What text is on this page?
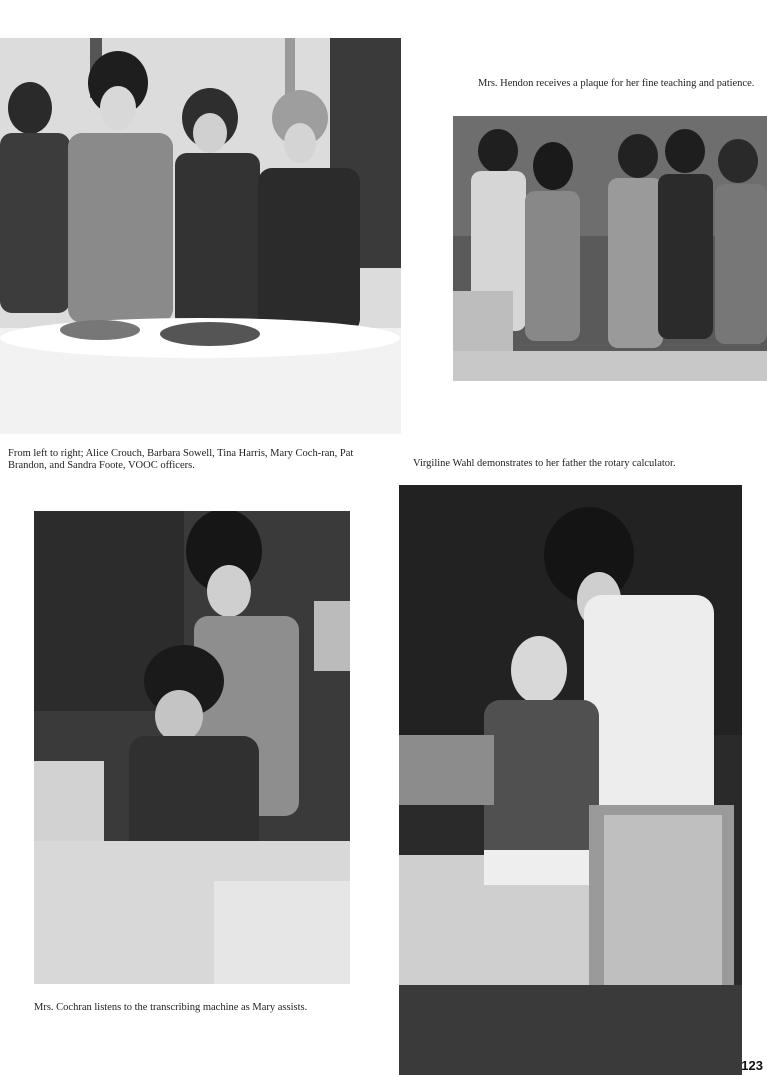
Mrs. Hendon receives a plaque for her fine teaching and patience.
From left to right; Alice Crouch, Barbara Sowell, Tina Harris, Mary Coch-ran, Pat Brandon, and Sandra Foote, VOOC officers.	Virgiline Wahl demonstrates to her father the rotary calculator.
Mrs. Cochran listens to the transcribing machine as Mary assists.
123
